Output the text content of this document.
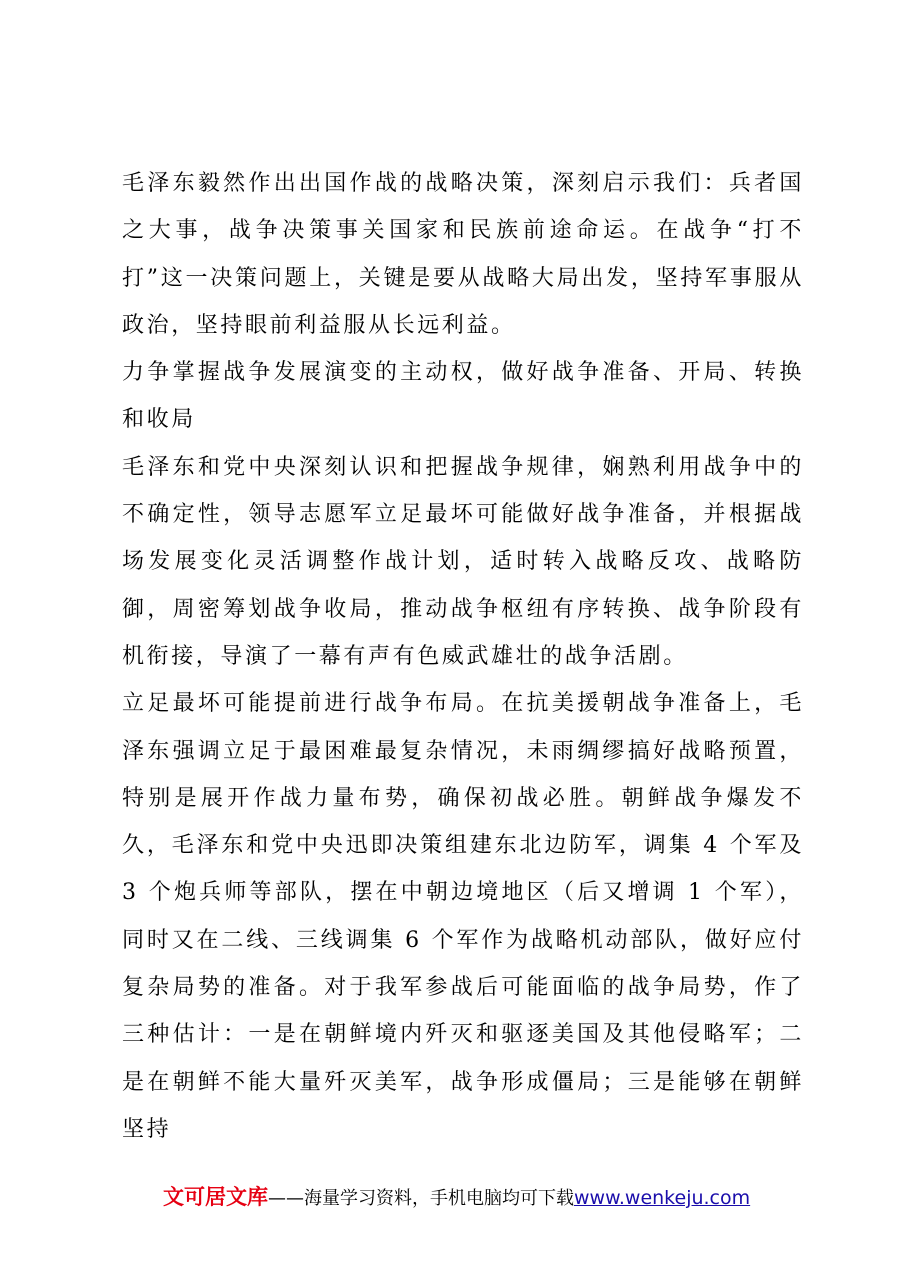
毛泽东毅然作出出国作战的战略决策，深刻启示我们：兵者国之大事，战争决策事关国家和民族前途命运。在战争“打不打”这一决策问题上，关键是要从战略大局出发，坚持军事服从政治，坚持眼前利益服从长远利益。

力争掌握战争发展演变的主动权，做好战争准备、开局、转换和收局

毛泽东和党中央深刻认识和把握战争规律，娴熟利用战争中的不确定性，领导志愿军立足最坏可能做好战争准备，并根据战场发展变化灵活调整作战计划，适时转入战略反攻、战略防御，周密筹划战争收局，推动战争枢纽有序转换、战争阶段有机衔接，导演了一幕有声有色威武雄壮的战争活剧。

立足最坏可能提前进行战争布局。在抗美援朝战争准备上，毛泽东强调立足于最困难最复杂情况，未雨绸缪搞好战略预置，特别是展开作战力量布势，确保初战必胜。朝鲜战争爆发不久，毛泽东和党中央迅即决策组建东北边防军，调集 4 个军及 3 个炮兵师等部队，摆在中朝边境地区（后又增调 1 个军），同时又在二线、三线调集 6 个军作为战略机动部队，做好应付复杂局势的准备。对于我军参战后可能面临的战争局势，作了三种估计：一是在朝鲜境内歼灭和驱逐美国及其他侵略军；二是在朝鲜不能大量歼灭美军，战争形成僵局；三是能够在朝鲜坚持

文可居文库——海量学习资料，手机电脑均可下载www.wenkeju.com
